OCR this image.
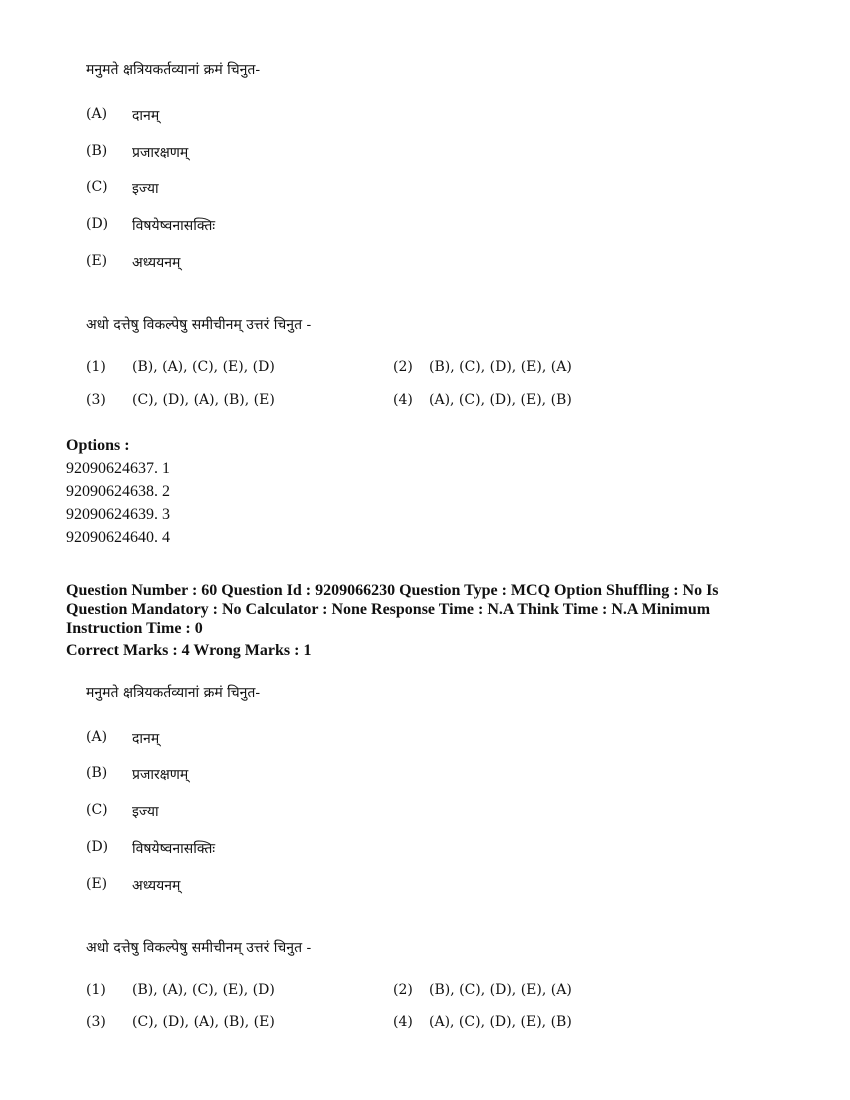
मनुमते क्षत्रियकर्तव्यानां क्रमं चिनुत-
(A)	दानम्
(B)	प्रजारक्षणम्
(C)	इज्या
(D)	विषयेष्वनासक्तिः
(E)	अध्ययनम्
अधो दत्तेषु विकल्पेषु समीचीनम् उत्तरं चिनुत -
(1)	(B), (A), (C), (E), (D)	(2)	(B), (C), (D), (E), (A)
(3)	(C), (D), (A), (B), (E)	(4)	(A), (C), (D), (E), (B)
Options :
92090624637. 1
92090624638. 2
92090624639. 3
92090624640. 4
Question Number : 60 Question Id : 9209066230 Question Type : MCQ Option Shuffling : No Is Question Mandatory : No Calculator : None Response Time : N.A Think Time : N.A Minimum Instruction Time : 0
Correct Marks : 4 Wrong Marks : 1
मनुमते क्षत्रियकर्तव्यानां क्रमं चिनुत-
(A)	दानम्
(B)	प्रजारक्षणम्
(C)	इज्या
(D)	विषयेष्वनासक्तिः
(E)	अध्ययनम्
अधो दत्तेषु विकल्पेषु समीचीनम् उत्तरं चिनुत -
(1)	(B), (A), (C), (E), (D)	(2)	(B), (C), (D), (E), (A)
(3)	(C), (D), (A), (B), (E)	(4)	(A), (C), (D), (E), (B)
